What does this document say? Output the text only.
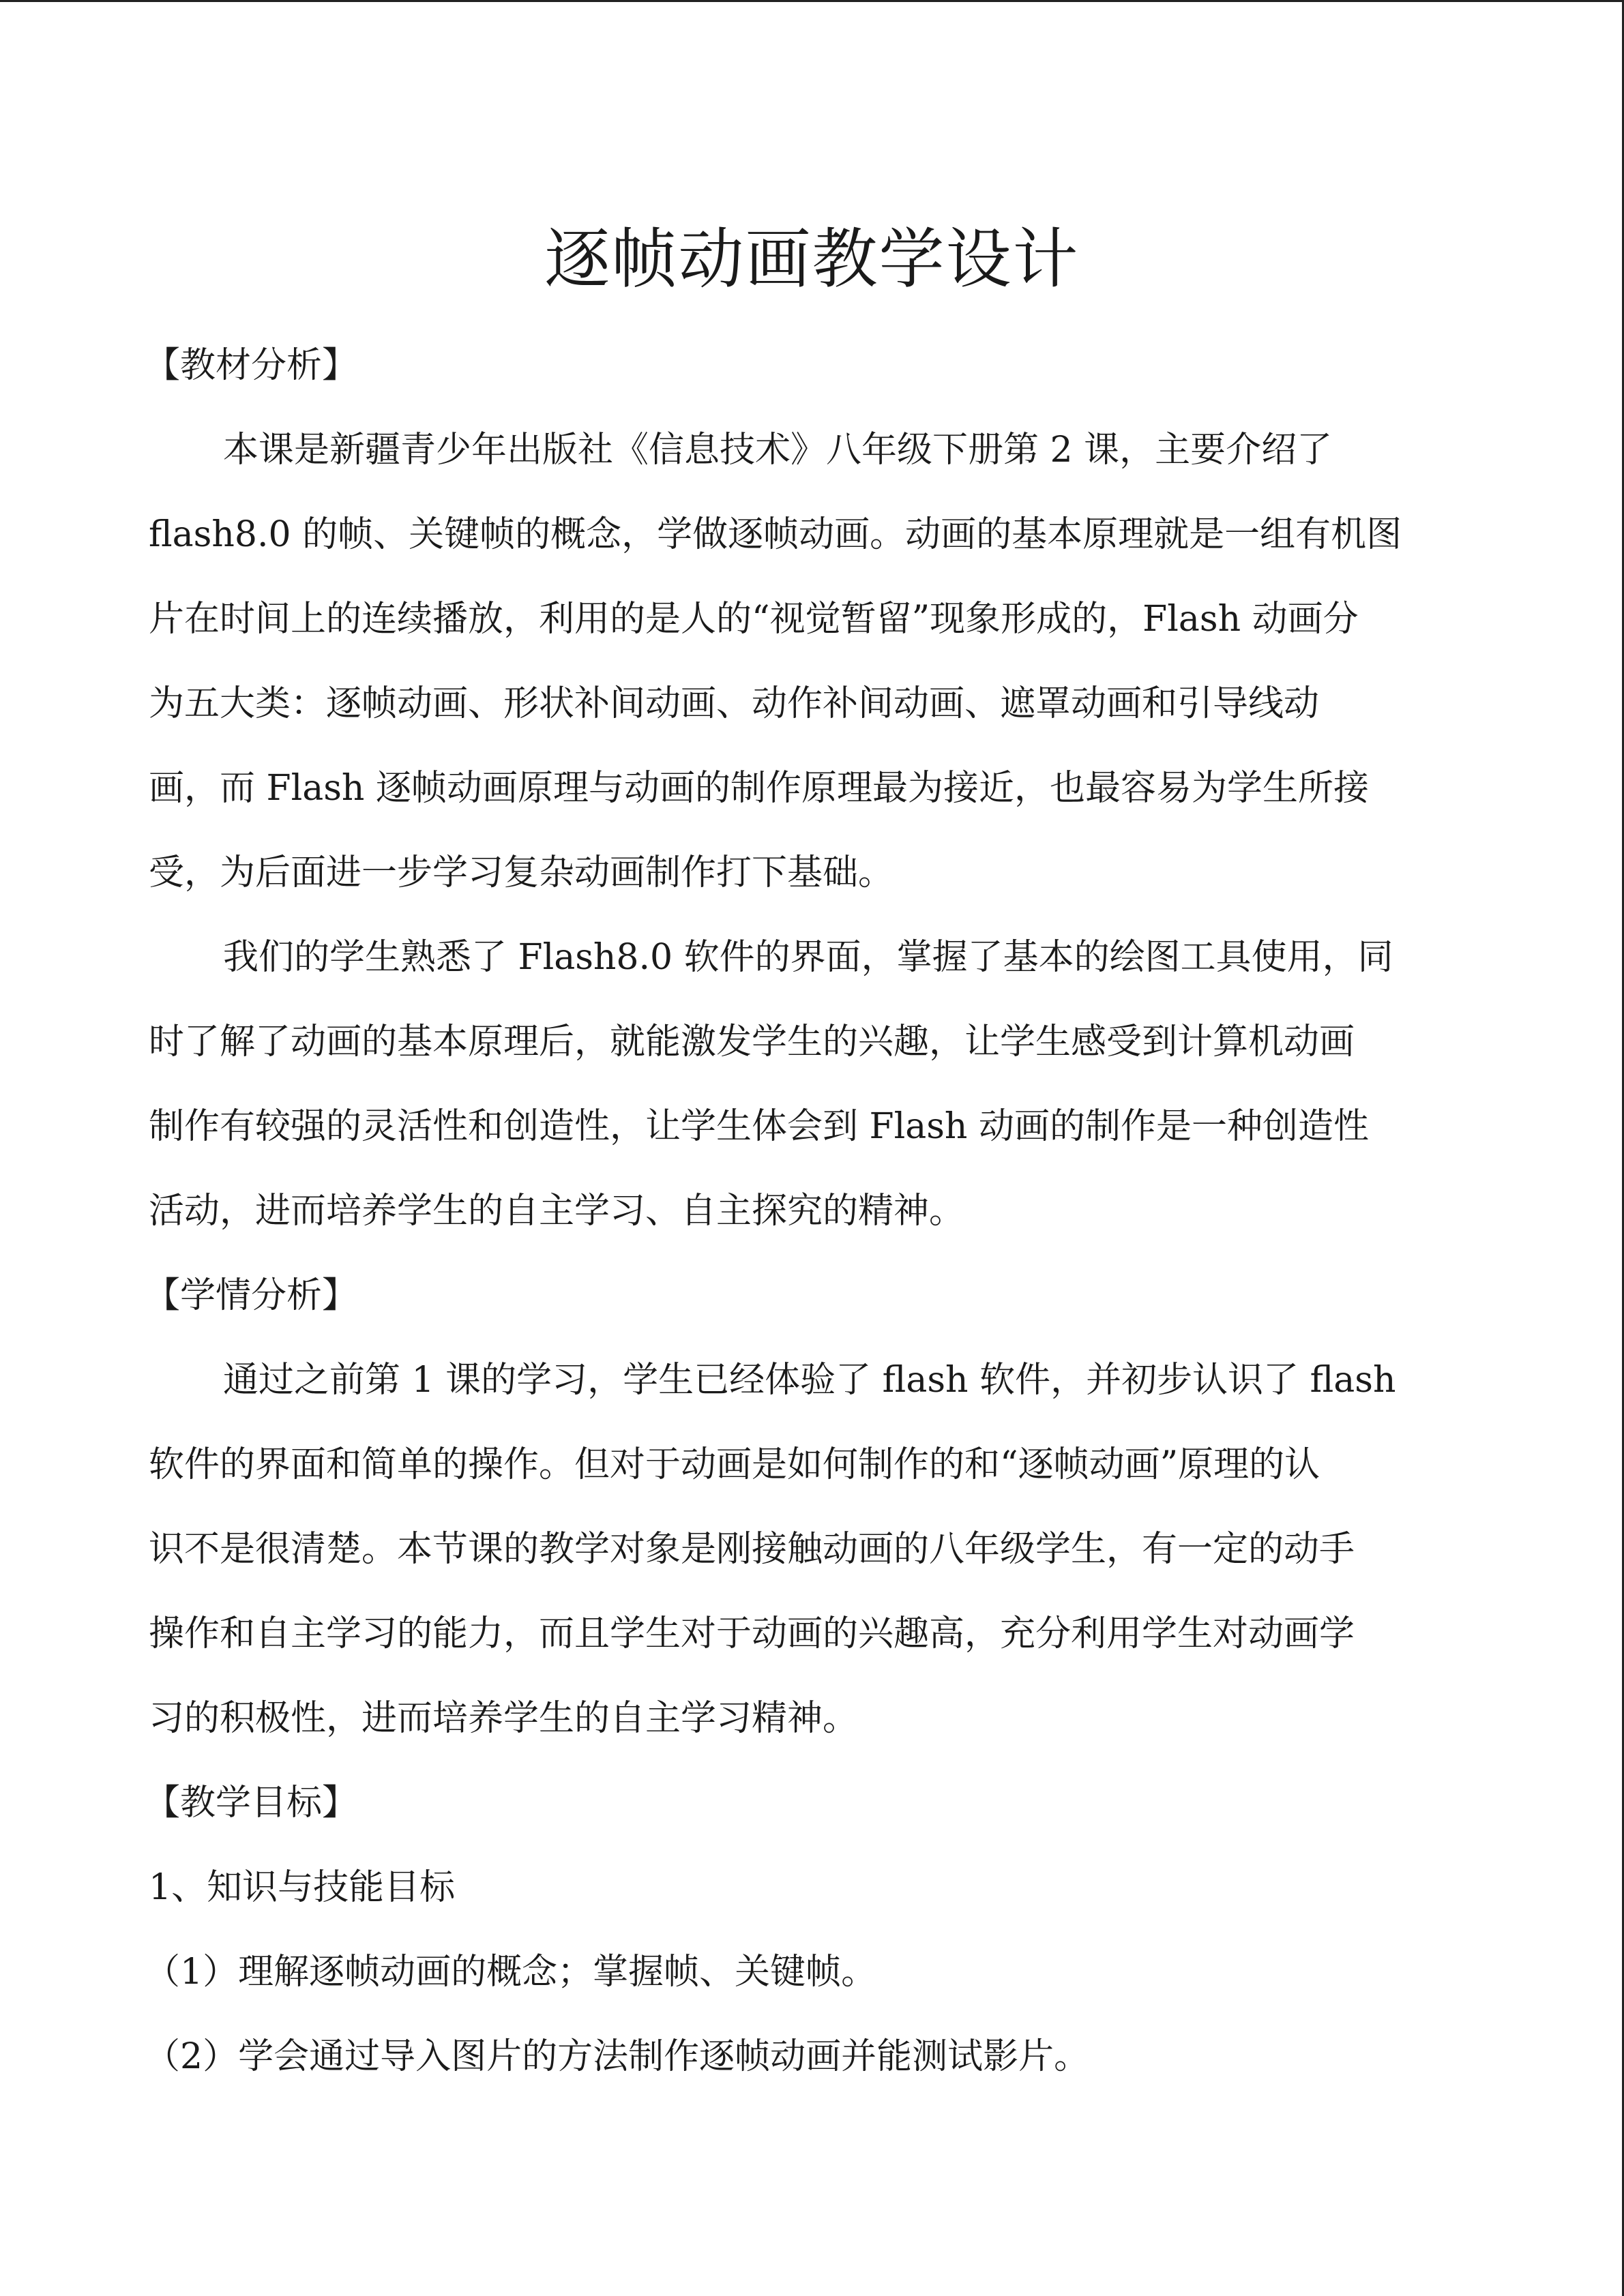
逐帧动画教学设计
【教材分析】
本课是新疆青少年出版社《信息技术》八年级下册第 2 课，主要介绍了
flash8.0 的帧、关键帧的概念，学做逐帧动画。动画的基本原理就是一组有机图
片在时间上的连续播放，利用的是人的“视觉暂留”现象形成的，Flash 动画分
为五大类：逐帧动画、形状补间动画、动作补间动画、遮罩动画和引导线动
画，而 Flash 逐帧动画原理与动画的制作原理最为接近，也最容易为学生所接
受，为后面进一步学习复杂动画制作打下基础。
我们的学生熟悉了 Flash8.0 软件的界面，掌握了基本的绘图工具使用，同
时了解了动画的基本原理后，就能激发学生的兴趣，让学生感受到计算机动画
制作有较强的灵活性和创造性，让学生体会到 Flash 动画的制作是一种创造性
活动，进而培养学生的自主学习、自主探究的精神。
【学情分析】
通过之前第 1 课的学习，学生已经体验了 flash 软件，并初步认识了 flash
软件的界面和简单的操作。但对于动画是如何制作的和“逐帧动画”原理的认
识不是很清楚。本节课的教学对象是刚接触动画的八年级学生，有一定的动手
操作和自主学习的能力，而且学生对于动画的兴趣高，充分利用学生对动画学
习的积极性，进而培养学生的自主学习精神。
【教学目标】
1、知识与技能目标
（1）理解逐帧动画的概念；掌握帧、关键帧。
（2）学会通过导入图片的方法制作逐帧动画并能测试影片。
